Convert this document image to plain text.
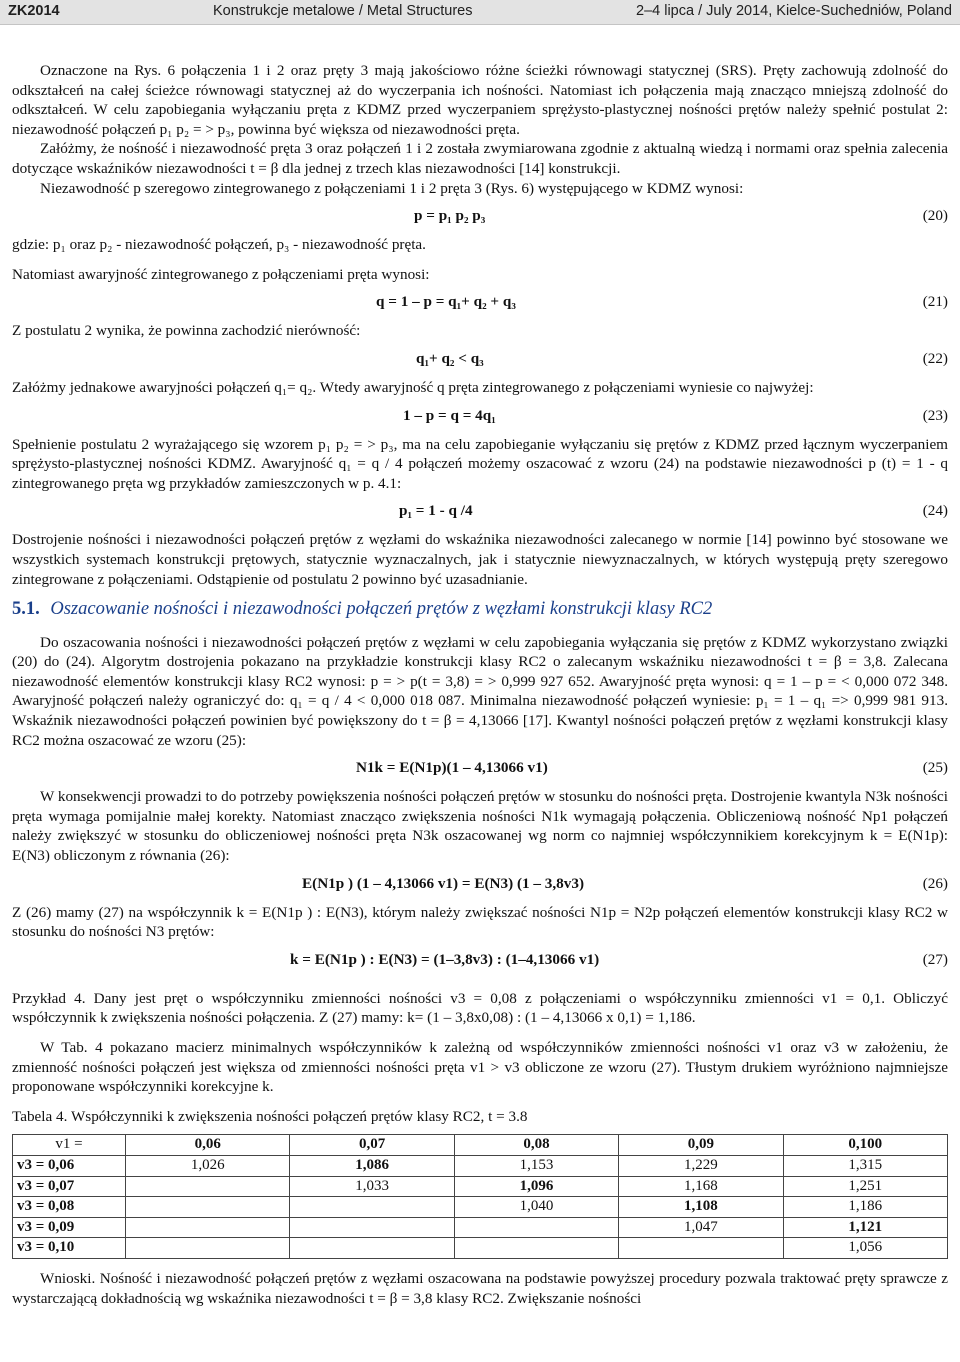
ZK2014	Konstrukcje metalowe / Metal Structures	2–4 lipca / July 2014, Kielce-Suchedniów, Poland

Oznaczone na Rys. 6 połączenia 1 i 2 oraz pręty 3 mają jakościowo różne ścieżki równowagi statycznej (SRS). Pręty zachowują zdolność do odkształceń na całej ścieżce równowagi statycznej aż do wyczerpania ich nośności. Natomiast ich połączenia mają znacząco mniejszą zdolność do odkształceń. W celu zapobiegania wyłączaniu pręta z KDMZ przed wyczerpaniem sprężysto-plastycznej nośności prętów należy spełnić postulat 2: niezawodność połączeń p₁ p₂ = > p₃, powinna być większa od niezawodności pręta.

Załóżmy, że nośność i niezawodność pręta 3 oraz połączeń 1 i 2 została zwymiarowana zgodnie z aktualną wiedzą i normami oraz spełnia zalecenia dotyczące wskaźników niezawodności t = β dla jednej z trzech klas niezawodności [14] konstrukcji.

Niezawodność p szeregowo zintegrowanego z połączeniami 1 i 2 pręta 3 (Rys. 6) występującego w KDMZ wynosi:

p = p₁ p₂ p₃	(20)

gdzie: p₁ oraz p₂ - niezawodność połączeń, p₃ - niezawodność pręta.

Natomiast awaryjność zintegrowanego z połączeniami pręta wynosi:

q = 1 – p = q₁+ q₂ + q₃	(21)

Z postulatu 2 wynika, że powinna zachodzić nierówność:

q₁+ q₂ < q₃	(22)

Załóżmy jednakowe awaryjności połączeń q₁= q₂. Wtedy awaryjność q pręta zintegrowanego z połączeniami wyniesie co najwyżej:

1 – p = q = 4q₁	(23)

Spełnienie postulatu 2 wyrażającego się wzorem p₁ p₂ = > p₃, ma na celu zapobieganie wyłączaniu się prętów z KDMZ przed łącznym wyczerpaniem sprężysto-plastycznej nośności KDMZ. Awaryjność q₁ = q / 4 połączeń możemy oszacować z wzoru (24) na podstawie niezawodności p (t) = 1 - q zintegrowanego pręta wg przykładów zamieszczonych w p. 4.1:

p₁ = 1 - q /4	(24)

Dostrojenie nośności i niezawodności połączeń prętów z węzłami do wskaźnika niezawodności zalecanego w normie [14] powinno być stosowane we wszystkich systemach konstrukcji prętowych, statycznie wyznaczalnych, jak i statycznie niewyznaczalnych, w których występują pręty szeregowo zintegrowane z połączeniami. Odstąpienie od postulatu 2 powinno być uzasadnianie.

5.1. Oszacowanie nośności i niezawodności połączeń prętów z węzłami konstrukcji klasy RC2

Do oszacowania nośności i niezawodności połączeń prętów z węzłami w celu zapobiegania wyłączania się prętów z KDMZ wykorzystano związki (20) do (24). Algorytm dostrojenia pokazano na przykładzie konstrukcji klasy RC2 o zalecanym wskaźniku niezawodności t = β = 3,8. Zalecana niezawodność elementów konstrukcji klasy RC2 wynosi: p = > p(t = 3,8) = > 0,999 927 652. Awaryjność pręta wynosi: q = 1 – p = < 0,000 072 348. Awaryjność połączeń należy ograniczyć do: q₁ = q / 4 < 0,000 018 087. Minimalna niezawodność połączeń wyniesie: p₁ = 1 – q₁ => 0,999 981 913. Wskaźnik niezawodności połączeń powinien być powiększony do t = β = 4,13066 [17]. Kwantyl nośności połączeń prętów z węzłami konstrukcji klasy RC2 można oszacować ze wzoru (25):

N1k = E(N1p)(1 – 4,13066 v1)	(25)

W konsekwencji prowadzi to do potrzeby powiększenia nośności połączeń prętów w stosunku do nośności pręta. Dostrojenie kwantyla N3k nośności pręta wymaga pomijalnie małej korekty. Natomiast znacząco zwiększenia nośności N1k wymagają połączenia. Obliczeniową nośność Np1 połączeń należy zwiększyć w stosunku do obliczeniowej nośności pręta N3k oszacowanej wg norm co najmniej współczynnikiem korekcyjnym k = E(N1p): E(N3) obliczonym z równania (26):

E(N1p ) (1 – 4,13066 v1) = E(N3) (1 – 3,8v3)	(26)

Z (26) mamy (27) na współczynnik k = E(N1p ) : E(N3), którym należy zwiększać nośności N1p = N2p połączeń elementów konstrukcji klasy RC2 w stosunku do nośności N3 prętów:

k = E(N1p ) : E(N3) = (1–3,8v3) : (1–4,13066 v1)	(27)

Przykład 4. Dany jest pręt o współczynniku zmienności nośności v3 = 0,08 z połączeniami o współczynniku zmienności v1 = 0,1. Obliczyć współczynnik k zwiększenia nośności połączenia. Z (27) mamy: k= (1 – 3,8x0,08) : (1 – 4,13066 x 0,1) = 1,186.

W Tab. 4 pokazano macierz minimalnych współczynników k zależną od współczynników zmienności nośności v1 oraz v3 w założeniu, że zmienność nośności połączeń jest większa od zmienności nośności pręta v1 > v3 obliczone ze wzoru (27). Tłustym drukiem wyróżniono najmniejsze proponowane współczynniki korekcyjne k.

Tabela 4. Współczynniki k zwiększenia nośności połączeń prętów klasy RC2, t = 3.8

v1 =	0,06	0,07	0,08	0,09	0,100
v3 = 0,06	1,026	1,086	1,153	1,229	1,315
v3 = 0,07		1,033	1,096	1,168	1,251
v3 = 0,08			1,040	1,108	1,186
v3 = 0,09				1,047	1,121
v3 = 0,10					1,056

Wnioski. Nośność i niezawodność połączeń prętów z węzłami oszacowana na podstawie powyższej procedury pozwala traktować pręty sprawcze z wystarczającą dokładnością wg wskaźnika niezawodności t = β = 3,8 klasy RC2. Zwiększanie nośności
